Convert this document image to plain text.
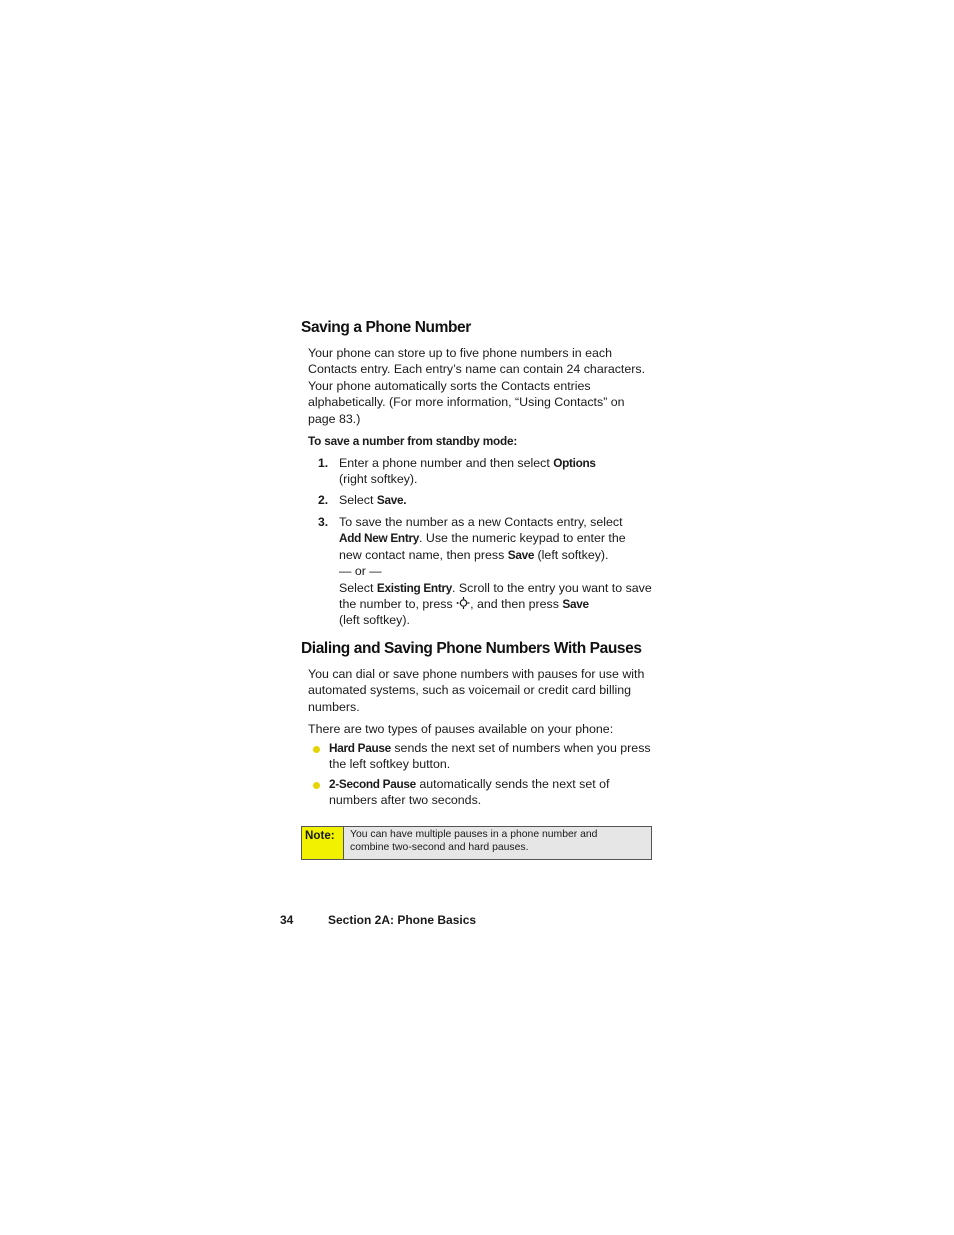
Saving a Phone Number
Your phone can store up to five phone numbers in each
Contacts entry. Each entry’s name can contain 24 characters.
Your phone automatically sorts the Contacts entries
alphabetically. (For more information, “Using Contacts” on
page 83.)
To save a number from standby mode:
1. Enter a phone number and then select Options
(right softkey).
2. Select Save.
3. To save the number as a new Contacts entry, select
Add New Entry. Use the numeric keypad to enter the
new contact name, then press Save (left softkey).
— or —
Select Existing Entry. Scroll to the entry you want to save
the number to, press , and then press Save
(left softkey).
Dialing and Saving Phone Numbers With Pauses
You can dial or save phone numbers with pauses for use with
automated systems, such as voicemail or credit card billing
numbers.
There are two types of pauses available on your phone:
Hard Pause sends the next set of numbers when you press
the left softkey button.
2-Second Pause automatically sends the next set of
numbers after two seconds.
Note:	You can have multiple pauses in a phone number and
combine two-second and hard pauses.
34	Section 2A: Phone Basics
